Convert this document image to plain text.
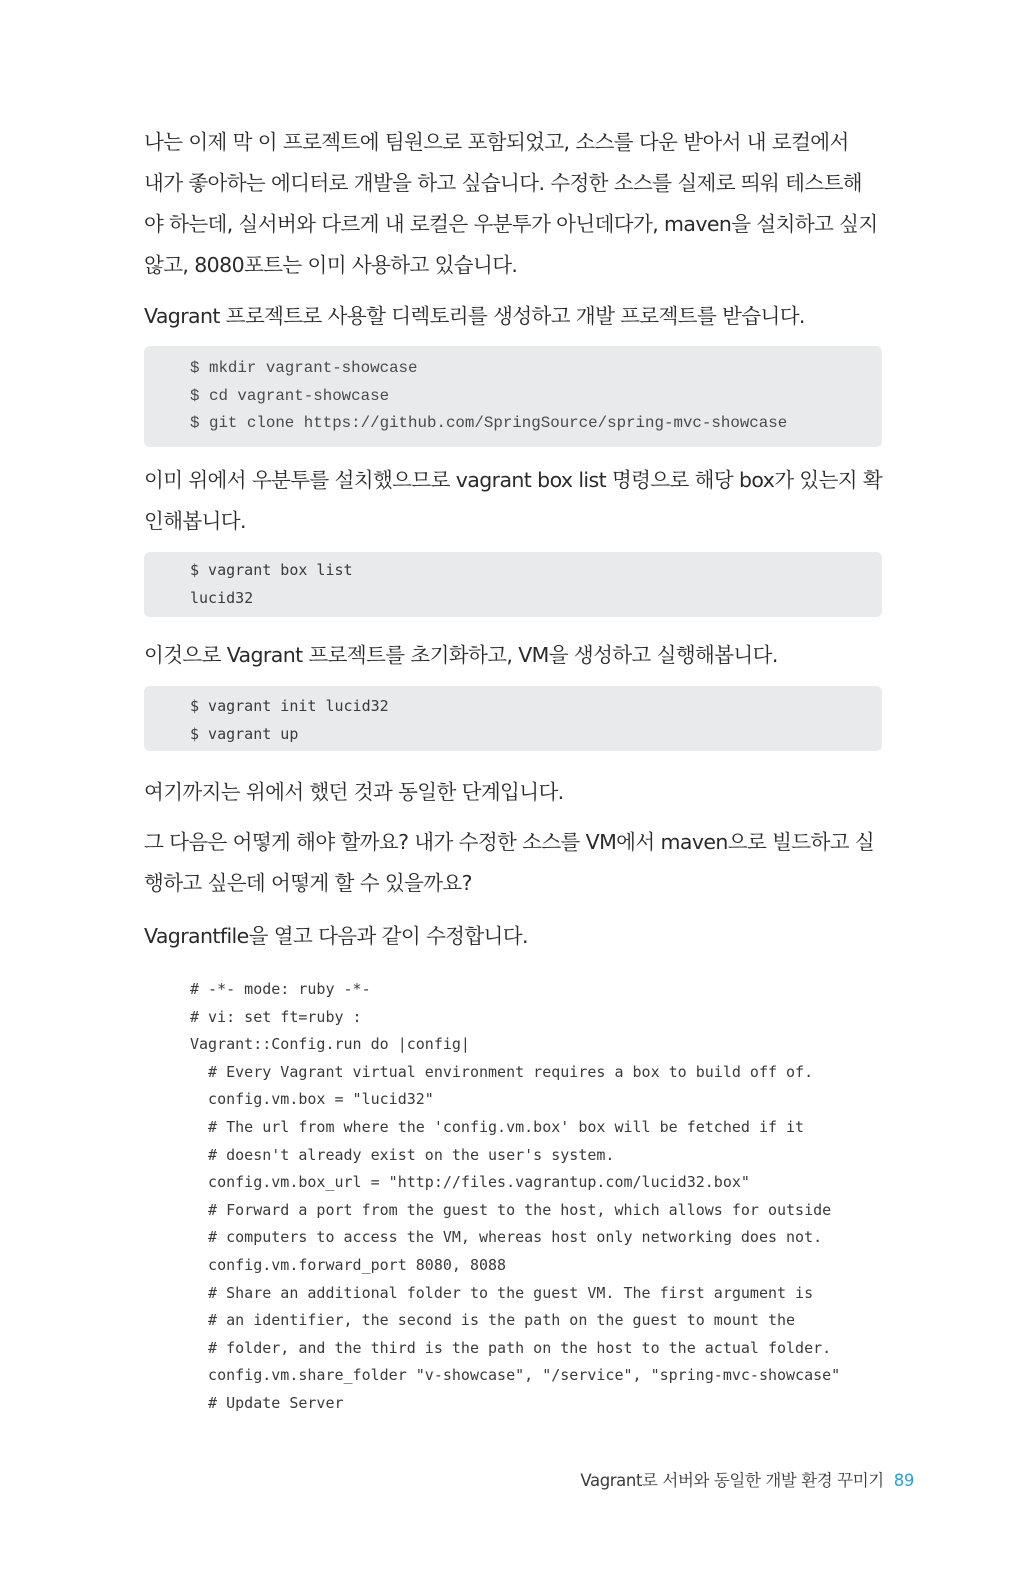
나는 이제 막 이 프로젝트에 팀원으로 포함되었고, 소스를 다운 받아서 내 로컬에서
내가 좋아하는 에디터로 개발을 하고 싶습니다. 수정한 소스를 실제로 띄워 테스트해
야 하는데, 실서버와 다르게 내 로컬은 우분투가 아닌데다가, maven을 설치하고 싶지
않고, 8080포트는 이미 사용하고 있습니다.

Vagrant 프로젝트로 사용할 디렉토리를 생성하고 개발 프로젝트를 받습니다.

$ mkdir vagrant-showcase
$ cd vagrant-showcase
$ git clone https://github.com/SpringSource/spring-mvc-showcase

이미 위에서 우분투를 설치했으므로 vagrant box list 명령으로 해당 box가 있는지 확
인해봅니다.

$ vagrant box list
lucid32

이것으로 Vagrant 프로젝트를 초기화하고, VM을 생성하고 실행해봅니다.

$ vagrant init lucid32
$ vagrant up

여기까지는 위에서 했던 것과 동일한 단계입니다.

그 다음은 어떻게 해야 할까요? 내가 수정한 소스를 VM에서 maven으로 빌드하고 실
행하고 싶은데 어떻게 할 수 있을까요?

Vagrantfile을 열고 다음과 같이 수정합니다.

# -*- mode: ruby -*-
# vi: set ft=ruby :
Vagrant::Config.run do |config|
# Every Vagrant virtual environment requires a box to build off of.
config.vm.box = "lucid32"
# The url from where the 'config.vm.box' box will be fetched if it
# doesn't already exist on the user's system.
config.vm.box_url = "http://files.vagrantup.com/lucid32.box"
# Forward a port from the guest to the host, which allows for outside
# computers to access the VM, whereas host only networking does not.
config.vm.forward_port 8080, 8088
# Share an additional folder to the guest VM. The first argument is
# an identifier, the second is the path on the guest to mount the
# folder, and the third is the path on the host to the actual folder.
config.vm.share_folder "v-showcase", "/service", "spring-mvc-showcase"
# Update Server
Vagrant로 서버와 동일한 개발 환경 꾸미기 89
